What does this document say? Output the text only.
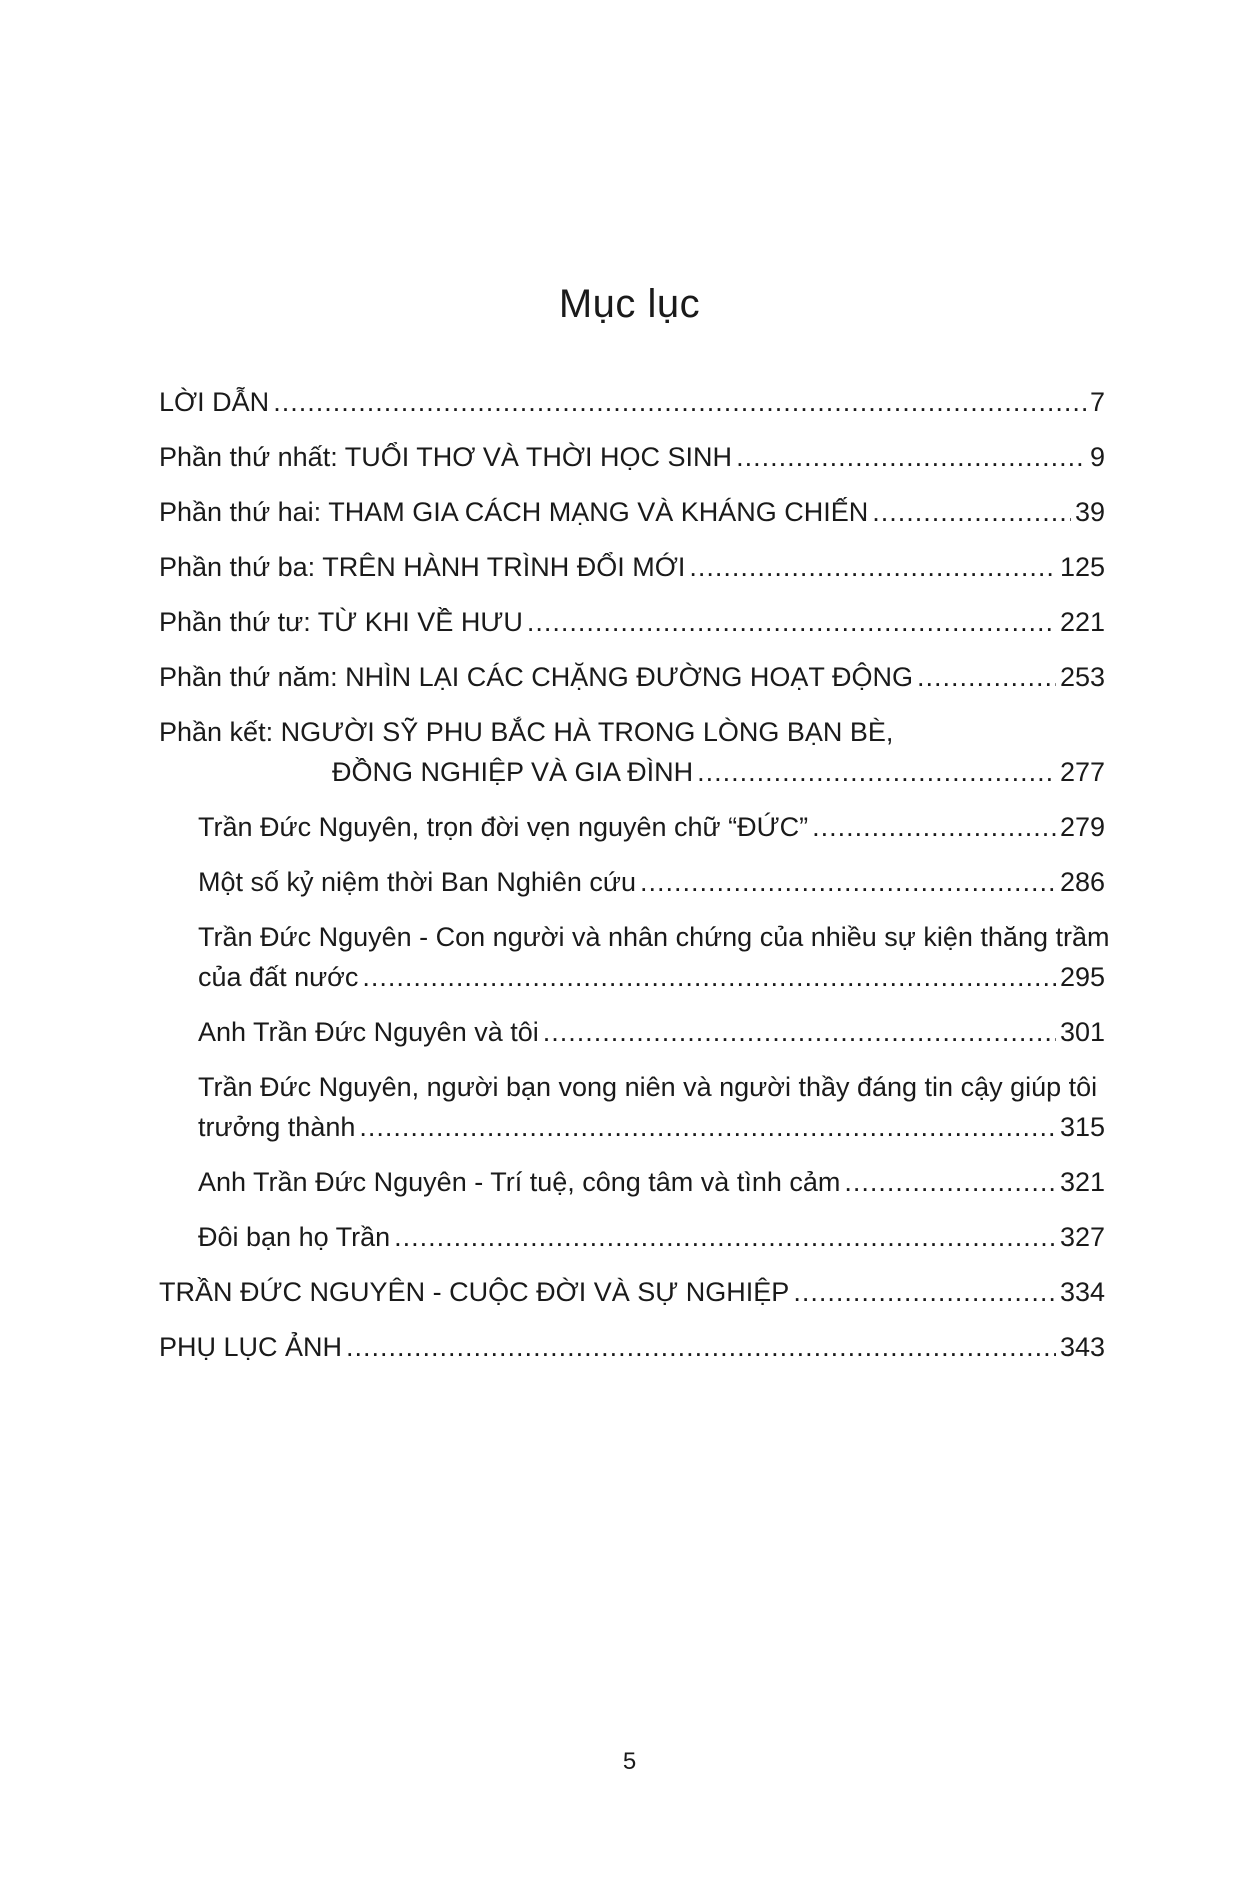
Mục lục
LỜI DẪN .....	7
Phần thứ nhất: TUỔI THƠ VÀ THỜI HỌC SINH .....	9
Phần thứ hai: THAM GIA CÁCH MẠNG VÀ KHÁNG CHIẾN .....	39
Phần thứ ba: TRÊN HÀNH TRÌNH ĐỔI MỚI .....	125
Phần thứ tư: TỪ KHI VỀ HƯU .....	221
Phần thứ năm: NHÌN LẠI CÁC CHẶNG ĐƯỜNG HOẠT ĐỘNG .....	253
Phần kết: NGƯỜI SỸ PHU BẮC HÀ TRONG LÒNG BẠN BÈ,
ĐỒNG NGHIỆP VÀ GIA ĐÌNH .....	277
Trần Đức Nguyên, trọn đời vẹn nguyên chữ “ĐỨC” .....	279
Một số kỷ niệm thời Ban Nghiên cứu .....	286
Trần Đức Nguyên - Con người và nhân chứng của nhiều sự kiện thăng trầm
của đất nước .....	295
Anh Trần Đức Nguyên và tôi .....	301
Trần Đức Nguyên, người bạn vong niên và người thầy đáng tin cậy giúp tôi
trưởng thành .....	315
Anh Trần Đức Nguyên - Trí tuệ, công tâm và tình cảm .....	321
Đôi bạn họ Trần .....	327
TRẦN ĐỨC NGUYÊN - CUỘC ĐỜI VÀ SỰ NGHIỆP .....	334
PHỤ LỤC ẢNH .....	343
5
